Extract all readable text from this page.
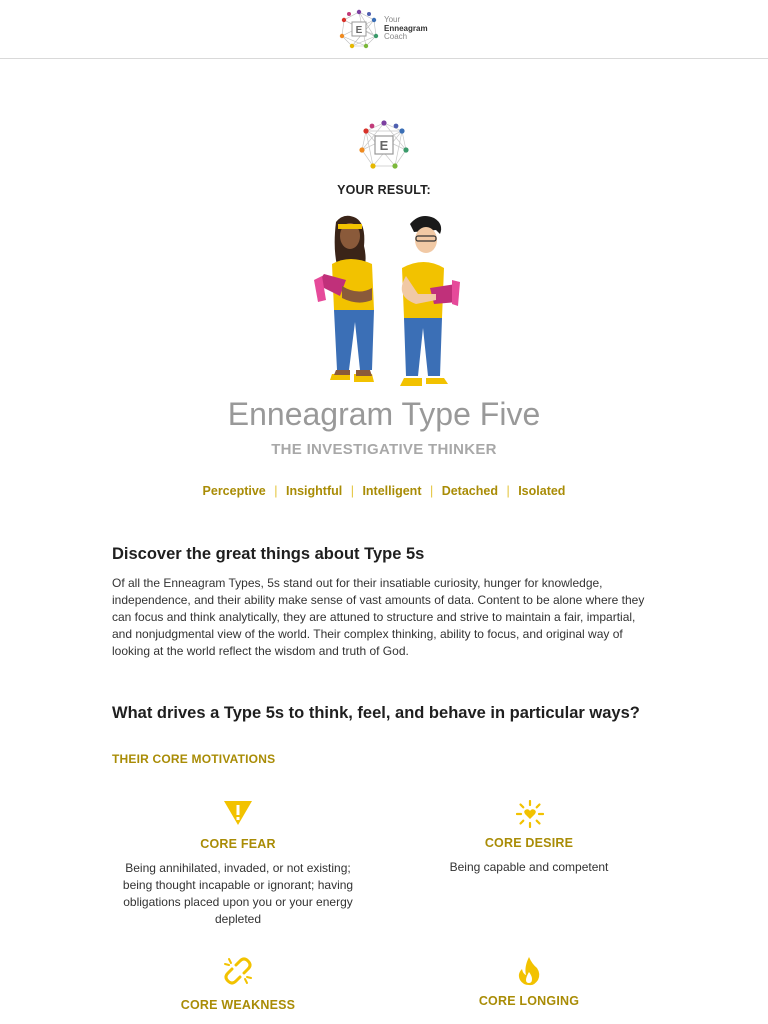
E
Your
Enneagram
Coach
E
YOUR RESULT:
Enneagram Type Five
THE INVESTIGATIVE THINKER
Perceptive | Insightful | Intelligent | Detached | Isolated
Discover the great things about Type 5s
Of all the Enneagram Types, 5s stand out for their insatiable curiosity, hunger for knowledge, independence, and their ability make sense of vast amounts of data. Content to be alone where they can focus and think analytically, they are attuned to structure and strive to maintain a fair, impartial, and nonjudgmental view of the world. Their complex thinking, ability to focus, and original way of looking at the world reflect the wisdom and truth of God.
What drives a Type 5s to think, feel, and behave in particular ways?
THEIR CORE MOTIVATIONS
CORE FEAR
Being annihilated, invaded, or not existing; being thought incapable or ignorant; having obligations placed upon you or your energy depleted
CORE DESIRE
Being capable and competent
CORE WEAKNESS	CORE LONGING
